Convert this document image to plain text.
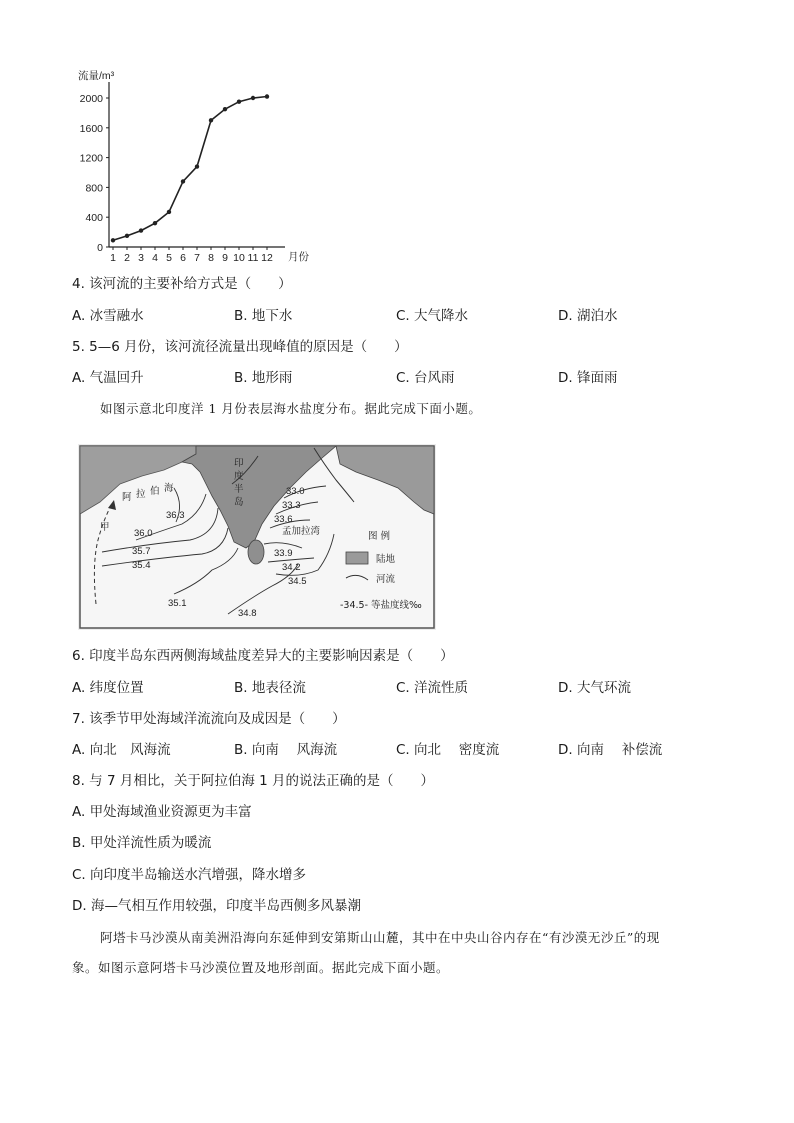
流量/m³
0
400
800
1200
1600
2000
1 2 3 4 5 6 7 8 9 10 11 12 月份
4. 该河流的主要补给方式是（　　）
A. 冰雪融水	B. 地下水	C. 大气降水	D. 湖泊水
5. 5—6 月份，该河流径流量出现峰值的原因是（　　）
A. 气温回升	B. 地形雨	C. 台风雨	D. 锋面雨
如图示意北印度洋 1 月份表层海水盐度分布。据此完成下面小题。
甲
阿 拉 伯 海
印度半岛
孟加拉湾
36.3
36.0
35.7
35.4
35.1
34.8
33.0
33.3
33.6
33.9
34.2
34.5
图 例
陆地
河流
-34.5- 等盐度线‰
6. 印度半岛东西两侧海域盐度差异大的主要影响因素是（　　）
A. 纬度位置	B. 地表径流	C. 洋流性质	D. 大气环流
7. 该季节甲处海域洋流流向及成因是（　　）
A. 向北　风海流	B. 向南　 风海流	C. 向北　 密度流	D. 向南　 补偿流
8. 与 7 月相比，关于阿拉伯海 1 月的说法正确的是（　　）
A. 甲处海域渔业资源更为丰富
B. 甲处洋流性质为暖流
C. 向印度半岛输送水汽增强，降水增多
D. 海—气相互作用较强，印度半岛西侧多风暴潮
阿塔卡马沙漠从南美洲沿海向东延伸到安第斯山山麓，其中在中央山谷内存在“有沙漠无沙丘”的现
象。如图示意阿塔卡马沙漠位置及地形剖面。据此完成下面小题。
